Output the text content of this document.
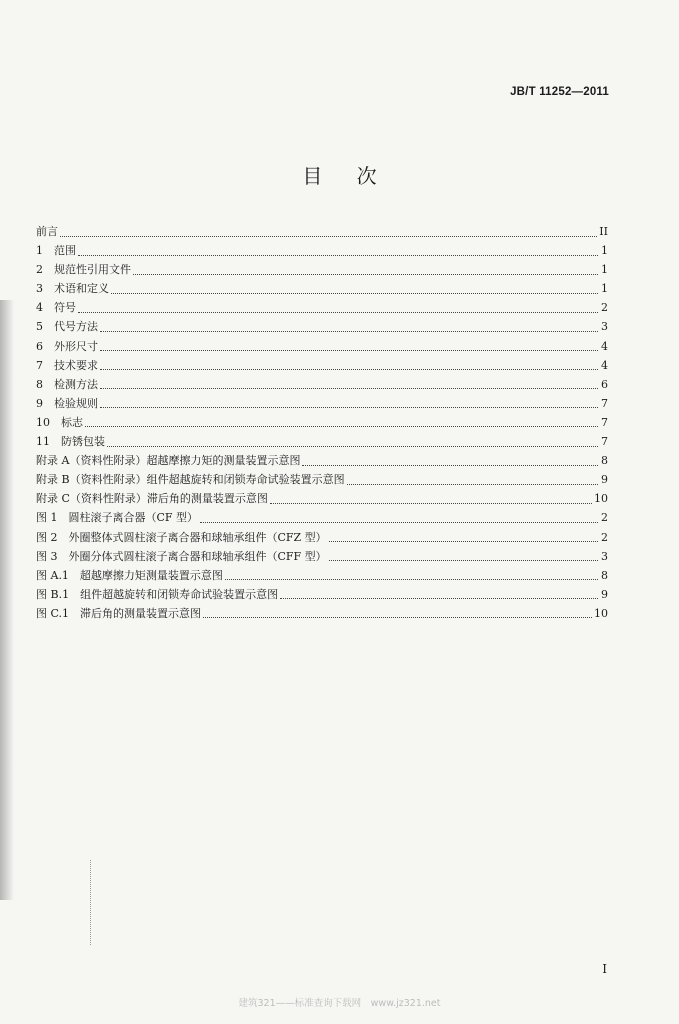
JB/T 11252—2011
目 次
前言	II
1　范围	1
2　规范性引用文件	1
3　术语和定义	1
4　符号	2
5　代号方法	3
6　外形尺寸	4
7　技术要求	4
8　检测方法	6
9　检验规则	7
10　标志	7
11　防锈包装	7
附录 A（资料性附录）超越摩擦力矩的测量装置示意图	8
附录 B（资料性附录）组件超越旋转和闭锁寿命试验装置示意图	9
附录 C（资料性附录）滞后角的测量装置示意图	10
图 1　圆柱滚子离合器（CF 型）	2
图 2　外圈整体式圆柱滚子离合器和球轴承组件（CFZ 型）	2
图 3　外圈分体式圆柱滚子离合器和球轴承组件（CFF 型）	3
图 A.1　超越摩擦力矩测量装置示意图	8
图 B.1　组件超越旋转和闭锁寿命试验装置示意图	9
图 C.1　滞后角的测量装置示意图	10
I
建筑321——标准查询下载网　www.jz321.net
